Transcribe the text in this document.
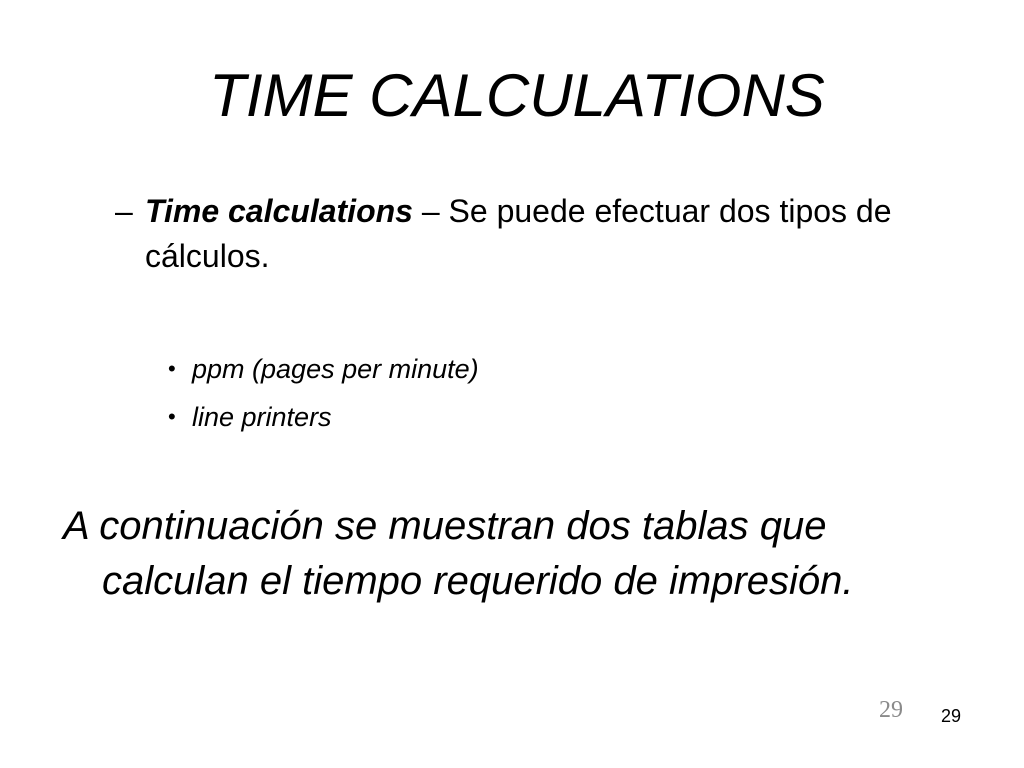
TIME CALCULATIONS
– Time calculations – Se puede efectuar dos tipos de cálculos.
• ppm (pages per minute)
• line printers
A continuación se muestran dos tablas que calculan el tiempo requerido de impresión.
29 29
